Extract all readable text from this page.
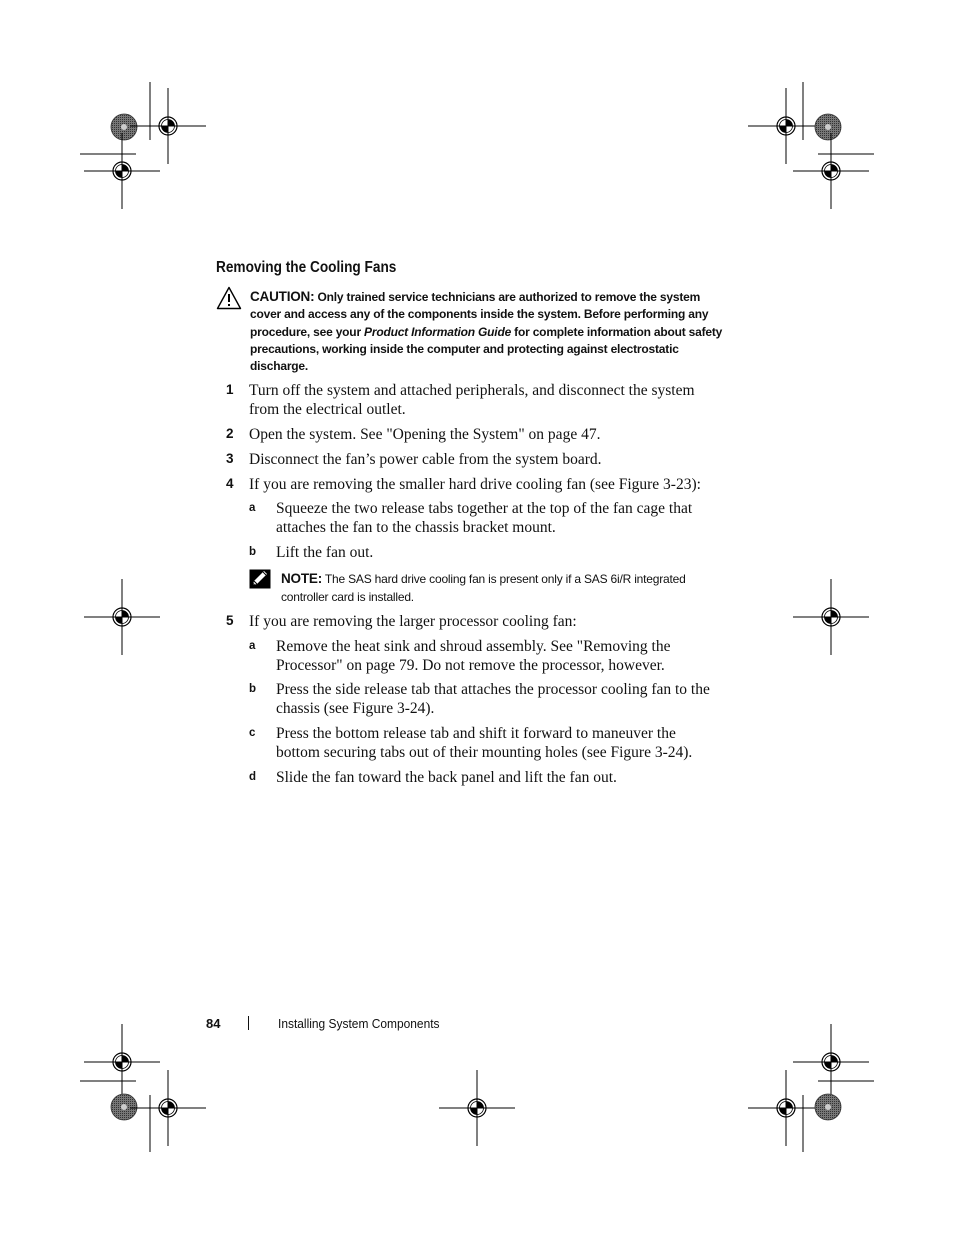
Removing the Cooling Fans
CAUTION: Only trained service technicians are authorized to remove the system cover and access any of the components inside the system. Before performing any procedure, see your Product Information Guide for complete information about safety precautions, working inside the computer and protecting against electrostatic discharge.
1 Turn off the system and attached peripherals, and disconnect the system from the electrical outlet.
2 Open the system. See "Opening the System" on page 47.
3 Disconnect the fan’s power cable from the system board.
4 If you are removing the smaller hard drive cooling fan (see Figure 3-23):
a Squeeze the two release tabs together at the top of the fan cage that attaches the fan to the chassis bracket mount.
b Lift the fan out.
NOTE: The SAS hard drive cooling fan is present only if a SAS 6i/R integrated controller card is installed.
5 If you are removing the larger processor cooling fan:
a Remove the heat sink and shroud assembly. See "Removing the Processor" on page 79. Do not remove the processor, however.
b Press the side release tab that attaches the processor cooling fan to the chassis (see Figure 3-24).
c Press the bottom release tab and shift it forward to maneuver the bottom securing tabs out of their mounting holes (see Figure 3-24).
d Slide the fan toward the back panel and lift the fan out.
84	Installing System Components
